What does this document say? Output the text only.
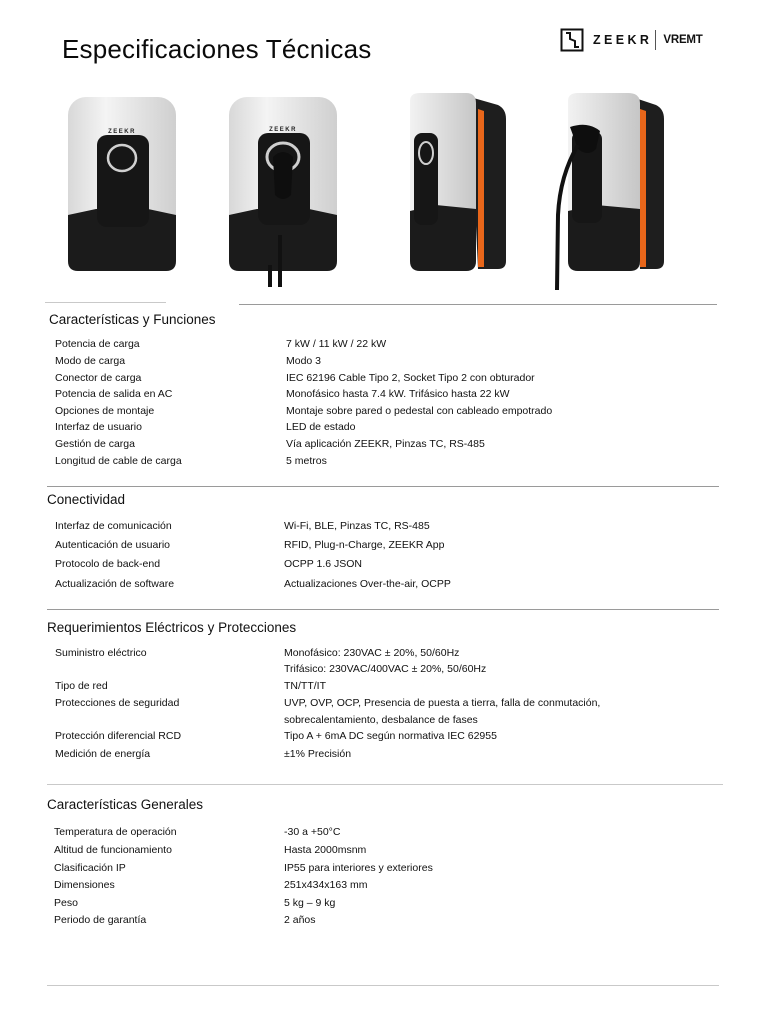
Especificaciones Técnicas	ZEEKR VREMT
ZEEKR	ZEEKR
Características y Funciones
Potencia de carga	7 kW / 11 kW / 22 kW
Modo de carga	Modo 3
Conector de carga	IEC 62196 Cable Tipo 2, Socket Tipo 2 con obturador
Potencia de salida en AC	Monofásico hasta 7.4 kW. Trifásico hasta 22 kW
Opciones de montaje	Montaje sobre pared o pedestal con cableado empotrado
Interfaz de usuario	LED de estado
Gestión de carga	Vía aplicación ZEEKR, Pinzas TC, RS-485
Longitud de cable de carga	5 metros
Conectividad
Interfaz de comunicación	Wi-Fi, BLE, Pinzas TC, RS-485
Autenticación de usuario	RFID, Plug-n-Charge, ZEEKR App
Protocolo de back-end	OCPP 1.6 JSON
Actualización de software	Actualizaciones Over-the-air, OCPP
Requerimientos Eléctricos y Protecciones
Suministro eléctrico	Monofásico: 230VAC ± 20%, 50/60Hz
Trifásico: 230VAC/400VAC ± 20%, 50/60Hz
Tipo de red	TN/TT/IT
Protecciones de seguridad	UVP, OVP, OCP, Presencia de puesta a tierra, falla de conmutación,
sobrecalentamiento, desbalance de fases
Protección diferencial RCD	Tipo A + 6mA DC según normativa IEC 62955
Medición de energía	±1% Precisión
Características Generales
Temperatura de operación	-30 a +50°C
Altitud de funcionamiento	Hasta 2000msnm
Clasificación IP	IP55 para interiores y exteriores
Dimensiones	251x434x163 mm
Peso	5 kg – 9 kg
Periodo de garantía	2 años
